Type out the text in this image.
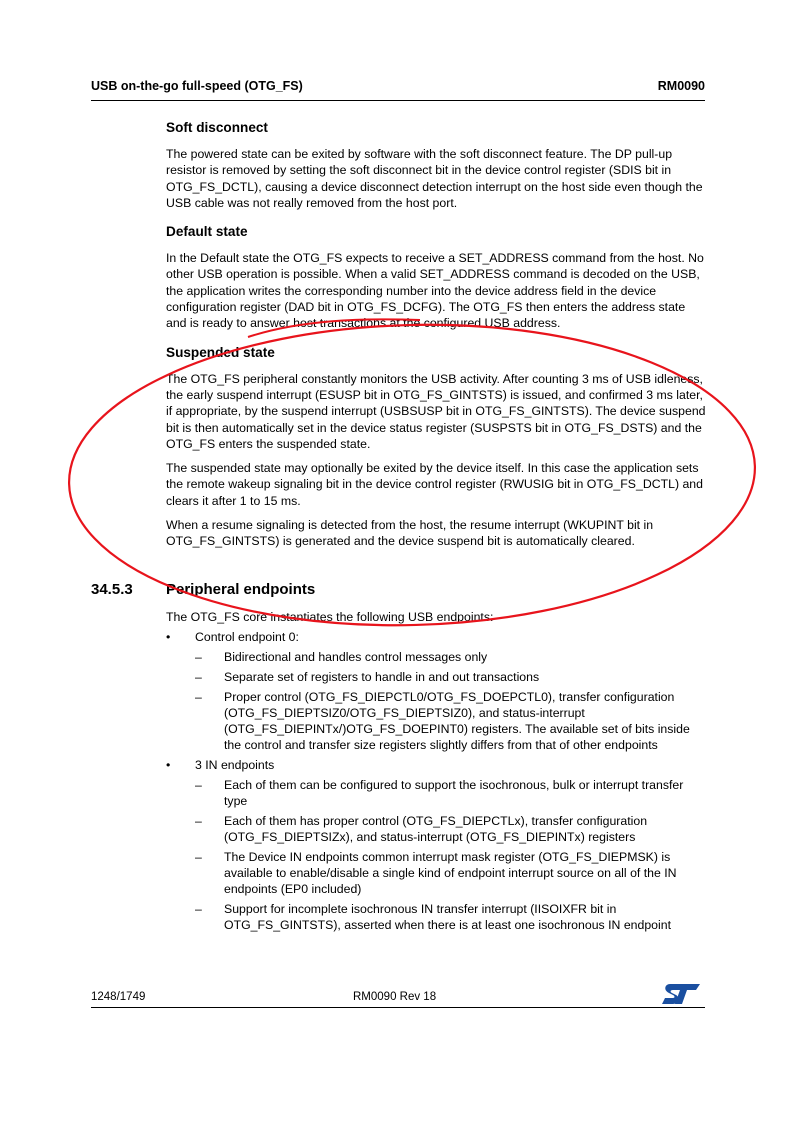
USB on-the-go full-speed (OTG_FS)	RM0090
Soft disconnect

The powered state can be exited by software with the soft disconnect feature. The DP pull-up resistor is removed by setting the soft disconnect bit in the device control register (SDIS bit in OTG_FS_DCTL), causing a device disconnect detection interrupt on the host side even though the USB cable was not really removed from the host port.

Default state

In the Default state the OTG_FS expects to receive a SET_ADDRESS command from the host. No other USB operation is possible. When a valid SET_ADDRESS command is decoded on the USB, the application writes the corresponding number into the device address field in the device configuration register (DAD bit in OTG_FS_DCFG). The OTG_FS then enters the address state and is ready to answer host transactions at the configured USB address.

Suspended state

The OTG_FS peripheral constantly monitors the USB activity. After counting 3 ms of USB idleness, the early suspend interrupt (ESUSP bit in OTG_FS_GINTSTS) is issued, and confirmed 3 ms later, if appropriate, by the suspend interrupt (USBSUSP bit in OTG_FS_GINTSTS). The device suspend bit is then automatically set in the device status register (SUSPSTS bit in OTG_FS_DSTS) and the OTG_FS enters the suspended state.

The suspended state may optionally be exited by the device itself. In this case the application sets the remote wakeup signaling bit in the device control register (RWUSIG bit in OTG_FS_DCTL) and clears it after 1 to 15 ms.

When a resume signaling is detected from the host, the resume interrupt (WKUPINT bit in OTG_FS_GINTSTS) is generated and the device suspend bit is automatically cleared.

34.5.3 Peripheral endpoints

The OTG_FS core instantiates the following USB endpoints:

• Control endpoint 0:
– Bidirectional and handles control messages only
– Separate set of registers to handle in and out transactions
– Proper control (OTG_FS_DIEPCTL0/OTG_FS_DOEPCTL0), transfer configuration (OTG_FS_DIEPTSIZ0/OTG_FS_DIEPTSIZ0), and status-interrupt (OTG_FS_DIEPINTx/)OTG_FS_DOEPINT0) registers. The available set of bits inside the control and transfer size registers slightly differs from that of other endpoints
• 3 IN endpoints
– Each of them can be configured to support the isochronous, bulk or interrupt transfer type
– Each of them has proper control (OTG_FS_DIEPCTLx), transfer configuration (OTG_FS_DIEPTSIZx), and status-interrupt (OTG_FS_DIEPINTx) registers
– The Device IN endpoints common interrupt mask register (OTG_FS_DIEPMSK) is available to enable/disable a single kind of endpoint interrupt source on all of the IN endpoints (EP0 included)
– Support for incomplete isochronous IN transfer interrupt (IISOIXFR bit in OTG_FS_GINTSTS), asserted when there is at least one isochronous IN endpoint
1248/1749	RM0090 Rev 18
